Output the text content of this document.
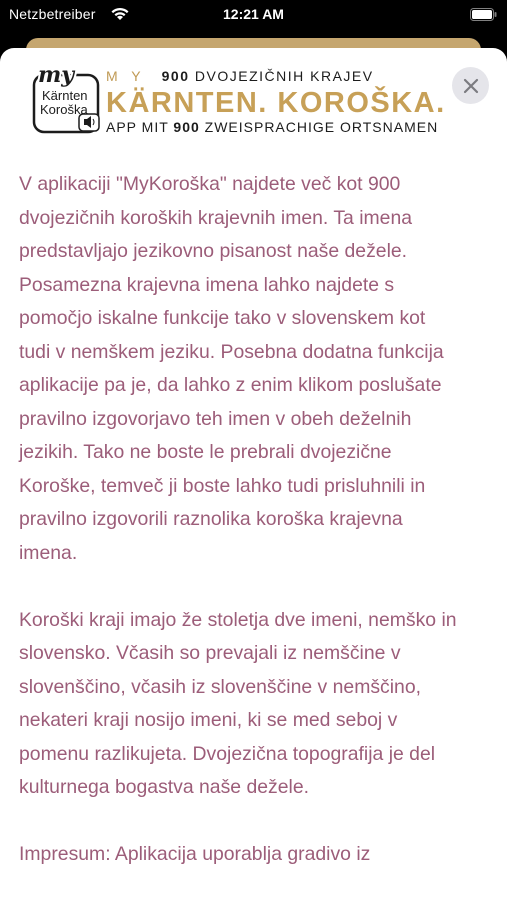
Netzbetreiber	12:21 AM
my
Kärnten
Koroška
M Y 900 DVOJEZIČNIH KRAJEV
KÄRNTEN. KOROŠKA.
APP MIT 900 ZWEISPRACHIGE ORTSNAMEN
V aplikaciji "MyKoroška" najdete več kot 900
dvojezičnih koroških krajevnih imen. Ta imena
predstavljajo jezikovno pisanost naše dežele.
Posamezna krajevna imena lahko najdete s
pomočjo iskalne funkcije tako v slovenskem kot
tudi v nemškem jeziku. Posebna dodatna funkcija
aplikacije pa je, da lahko z enim klikom poslušate
pravilno izgovorjavo teh imen v obeh deželnih
jezikih. Tako ne boste le prebrali dvojezične
Koroške, temveč ji boste lahko tudi prisluhnili in
pravilno izgovorili raznolika koroška krajevna
imena.
Koroški kraji imajo že stoletja dve imeni, nemško in
slovensko. Včasih so prevajali iz nemščine v
slovenščino, včasih iz slovenščine v nemščino,
nekateri kraji nosijo imeni, ki se med seboj v
pomenu razlikujeta. Dvojezična topografija je del
kulturnega bogastva naše dežele.
Impresum: Aplikacija uporablja gradivo iz
